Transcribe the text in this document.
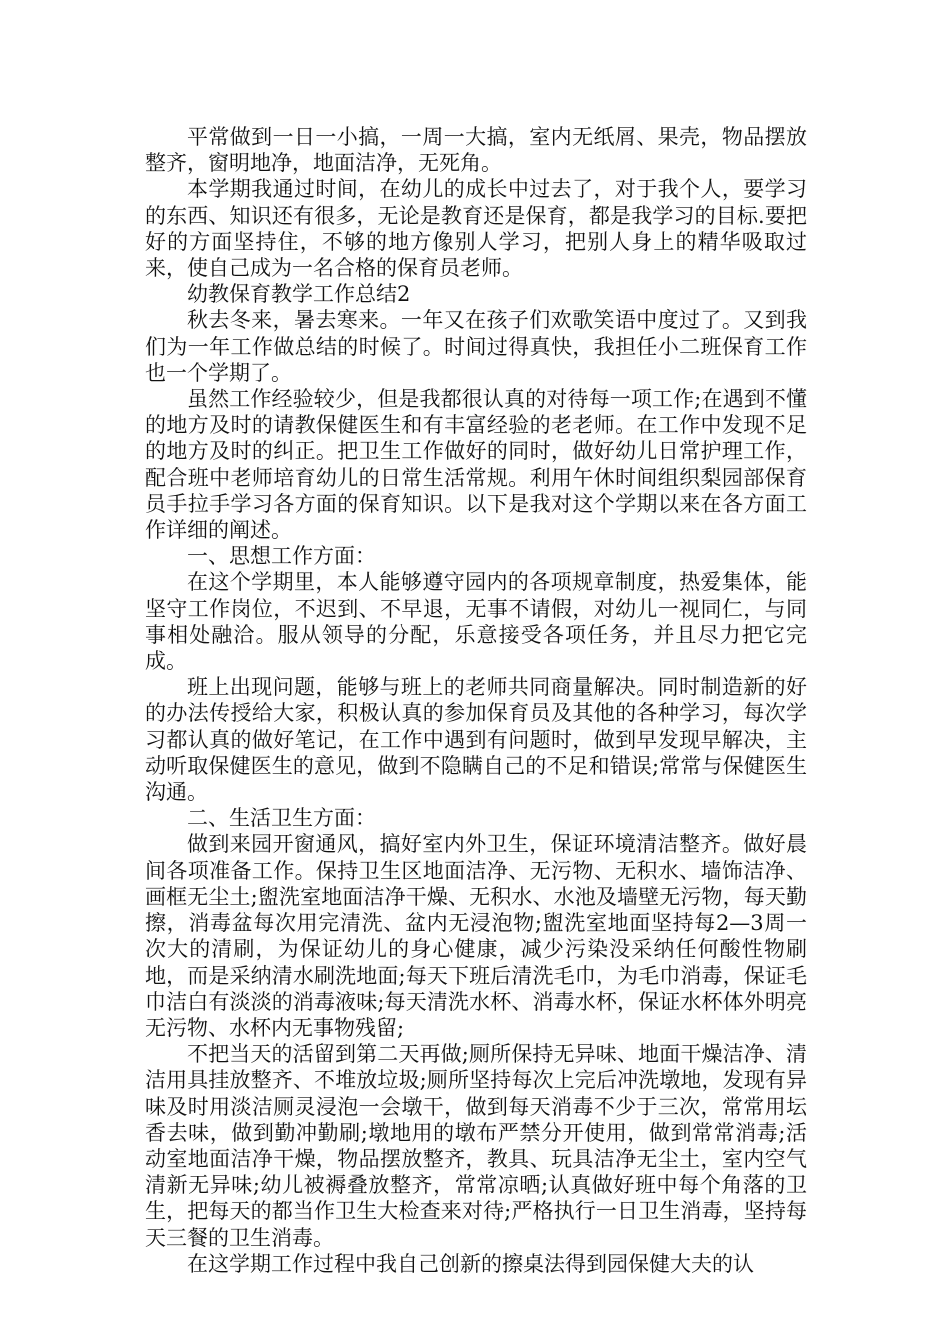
平常做到一日一小搞，一周一大搞，室内无纸屑、果壳，物品摆放整齐，窗明地净，地面洁净，无死角。

本学期我通过时间，在幼儿的成长中过去了，对于我个人，要学习的东西、知识还有很多，无论是教育还是保育，都是我学习的目标.要把好的方面坚持住，不够的地方像别人学习，把别人身上的精华吸取过来，使自己成为一名合格的保育员老师。

幼教保育教学工作总结2

秋去冬来，暑去寒来。一年又在孩子们欢歌笑语中度过了。又到我们为一年工作做总结的时候了。时间过得真快，我担任小二班保育工作也一个学期了。

虽然工作经验较少，但是我都很认真的对待每一项工作;在遇到不懂的地方及时的请教保健医生和有丰富经验的老老师。在工作中发现不足的地方及时的纠正。把卫生工作做好的同时，做好幼儿日常护理工作，配合班中老师培育幼儿的日常生活常规。利用午休时间组织梨园部保育员手拉手学习各方面的保育知识。以下是我对这个学期以来在各方面工作详细的阐述。

一、思想工作方面：

在这个学期里，本人能够遵守园内的各项规章制度，热爱集体，能坚守工作岗位，不迟到、不早退，无事不请假，对幼儿一视同仁，与同事相处融洽。服从领导的分配，乐意接受各项任务，并且尽力把它完成。

班上出现问题，能够与班上的老师共同商量解决。同时制造新的好的办法传授给大家，积极认真的参加保育员及其他的各种学习，每次学习都认真的做好笔记，在工作中遇到有问题时，做到早发现早解决，主动听取保健医生的意见，做到不隐瞒自己的不足和错误;常常与保健医生沟通。

二、生活卫生方面：

做到来园开窗通风，搞好室内外卫生，保证环境清洁整齐。做好晨间各项准备工作。保持卫生区地面洁净、无污物、无积水、墙饰洁净、画框无尘土;盥洗室地面洁净干燥、无积水、水池及墙壁无污物，每天勤擦，消毒盆每次用完清洗、盆内无浸泡物;盥洗室地面坚持每2—3周一次大的清刷，为保证幼儿的身心健康，减少污染没采纳任何酸性物刷地，而是采纳清水刷洗地面;每天下班后清洗毛巾，为毛巾消毒，保证毛巾洁白有淡淡的消毒液味;每天清洗水杯、消毒水杯，保证水杯体外明亮无污物、水杯内无事物残留;

不把当天的活留到第二天再做;厕所保持无异味、地面干燥洁净、清洁用具挂放整齐、不堆放垃圾;厕所坚持每次上完后冲洗墩地，发现有异味及时用淡洁厕灵浸泡一会墩干，做到每天消毒不少于三次，常常用坛香去味，做到勤冲勤刷;墩地用的墩布严禁分开使用，做到常常消毒;活动室地面洁净干燥，物品摆放整齐，教具、玩具洁净无尘土，室内空气清新无异味;幼儿被褥叠放整齐，常常凉晒;认真做好班中每个角落的卫生，把每天的都当作卫生大检查来对待;严格执行一日卫生消毒，坚持每天三餐的卫生消毒。

在这学期工作过程中我自己创新的擦桌法得到园保健大夫的认
